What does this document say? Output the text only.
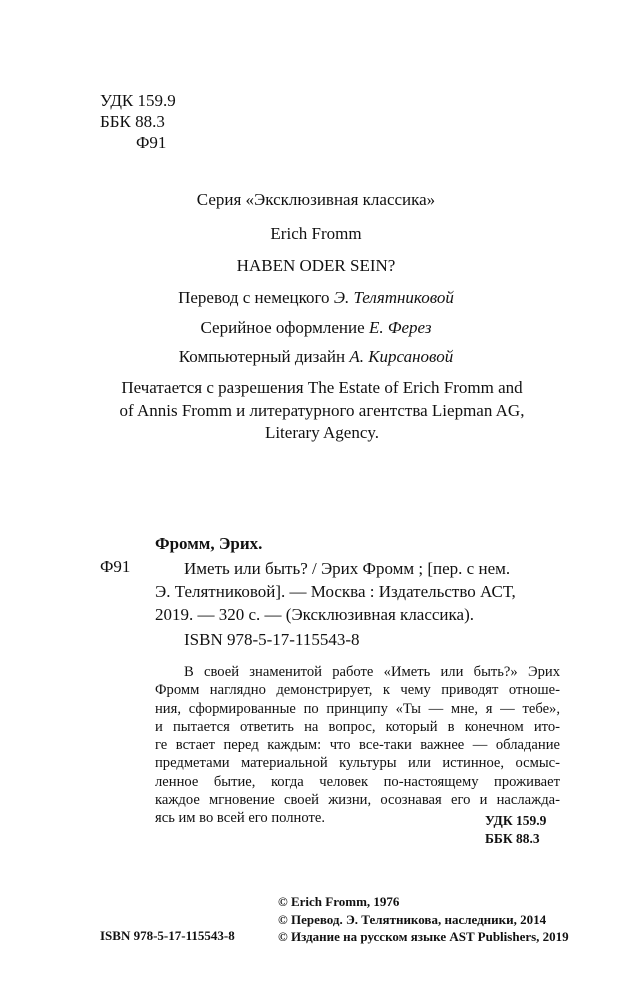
УДК 159.9
ББК 88.3
Ф91
Серия «Эксклюзивная классика»
Erich Fromm
HABEN ODER SEIN?
Перевод с немецкого Э. Телятниковой
Серийное оформление Е. Ферез
Компьютерный дизайн А. Кирсановой
Печатается с разрешения The Estate of Erich Fromm and
of Annis Fromm и литературного агентства Liepman AG,
Literary Agency.
Фромм, Эрих.
Ф91	Иметь или быть? / Эрих Фромм ; [пер. с нем.
Э. Телятниковой]. — Москва : Издательство АСТ,
2019. — 320 с. — (Эксклюзивная классика).
ISBN 978-5-17-115543-8
В своей знаменитой работе «Иметь или быть?» Эрих
Фромм наглядно демонстрирует, к чему приводят отноше-
ния, сформированные по принципу «Ты — мне, я — тебе»,
и пытается ответить на вопрос, который в конечном ито-
ге встает перед каждым: что все-таки важнее — обладание
предметами материальной культуры или истинное, осмыс-
ленное бытие, когда человек по-настоящему проживает
каждое мгновение своей жизни, осознавая его и наслажда-
ясь им во всей его полноте.	УДК 159.9
ББК 88.3
© Erich Fromm, 1976
© Перевод. Э. Телятникова, наследники, 2014
© Издание на русском языке AST Publishers, 2019
ISBN 978-5-17-115543-8
